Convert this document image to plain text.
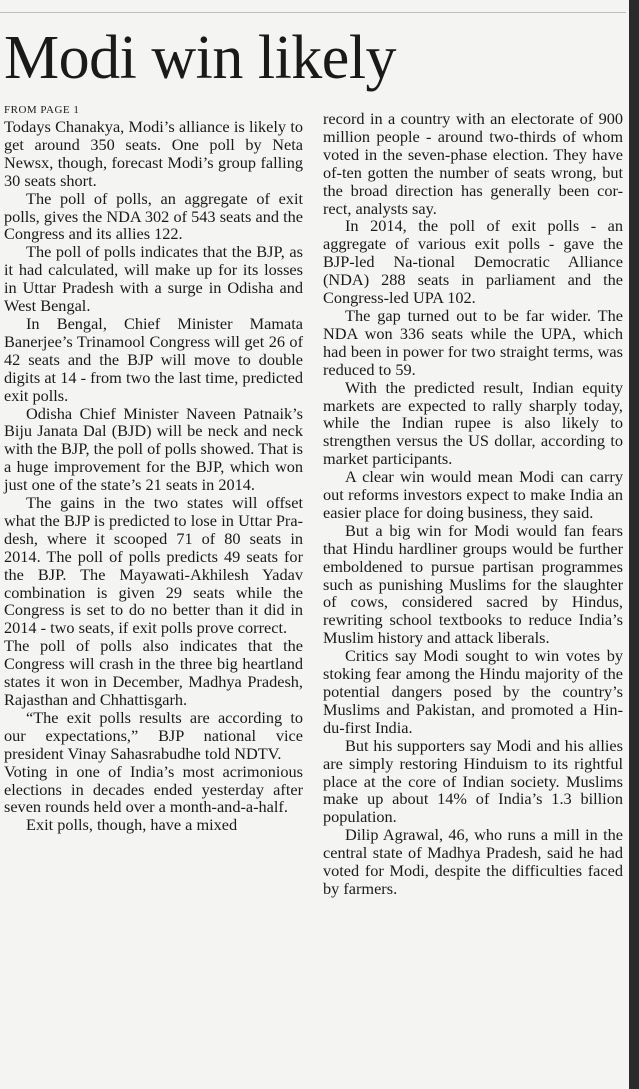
Modi win likely
FROM PAGE 1

Todays Chanakya, Modi’s alliance is likely to get around 350 seats. One poll by Neta Newsx, though, forecast Modi’s group falling 30 seats short.

The poll of polls, an aggregate of exit polls, gives the NDA 302 of 543 seats and the Congress and its allies 122.

The poll of polls indicates that the BJP, as it had calculated, will make up for its losses in Uttar Pradesh with a surge in Odisha and West Bengal.

In Bengal, Chief Minister Mamata Banerjee’s Trinamool Congress will get 26 of 42 seats and the BJP will move to double digits at 14 - from two the last time, predicted exit polls.

Odisha Chief Minister Naveen Patnaik’s Biju Janata Dal (BJD) will be neck and neck with the BJP, the poll of polls showed. That is a huge improvement for the BJP, which won just one of the state’s 21 seats in 2014.

The gains in the two states will offset what the BJP is predicted to lose in Uttar Pra-desh, where it scooped 71 of 80 seats in 2014. The poll of polls predicts 49 seats for the BJP. The Mayawati-Akhilesh Yadav combination is given 29 seats while the Congress is set to do no better than it did in 2014 - two seats, if exit polls prove correct.

The poll of polls also indicates that the Congress will crash in the three big heartland states it won in December, Madhya Pradesh, Rajasthan and Chhattisgarh.

“The exit polls results are according to our expectations,” BJP national vice president Vinay Sahasrabudhe told NDTV.

Voting in one of India’s most acrimonious elections in decades ended yesterday after seven rounds held over a month-and-a-half.

Exit polls, though, have a mixed

record in a country with an electorate of 900 million people - around two-thirds of whom voted in the seven-phase election. They have of-ten gotten the number of seats wrong, but the broad direction has generally been cor-rect, analysts say.

In 2014, the poll of exit polls - an aggregate of various exit polls - gave the BJP-led Na-tional Democratic Alliance (NDA) 288 seats in parliament and the Congress-led UPA 102.

The gap turned out to be far wider. The NDA won 336 seats while the UPA, which had been in power for two straight terms, was reduced to 59.

With the predicted result, Indian equity markets are expected to rally sharply today, while the Indian rupee is also likely to strengthen versus the US dollar, according to market participants.

A clear win would mean Modi can carry out reforms investors expect to make India an easier place for doing business, they said.

But a big win for Modi would fan fears that Hindu hardliner groups would be further emboldened to pursue partisan programmes such as punishing Muslims for the slaughter of cows, considered sacred by Hindus, rewriting school textbooks to reduce India’s Muslim history and attack liberals.

Critics say Modi sought to win votes by stoking fear among the Hindu majority of the potential dangers posed by the country’s Muslims and Pakistan, and promoted a Hin-du-first India.

But his supporters say Modi and his allies are simply restoring Hinduism to its rightful place at the core of Indian society. Muslims make up about 14% of India’s 1.3 billion population.

Dilip Agrawal, 46, who runs a mill in the central state of Madhya Pradesh, said he had voted for Modi, despite the difficulties faced by farmers.
